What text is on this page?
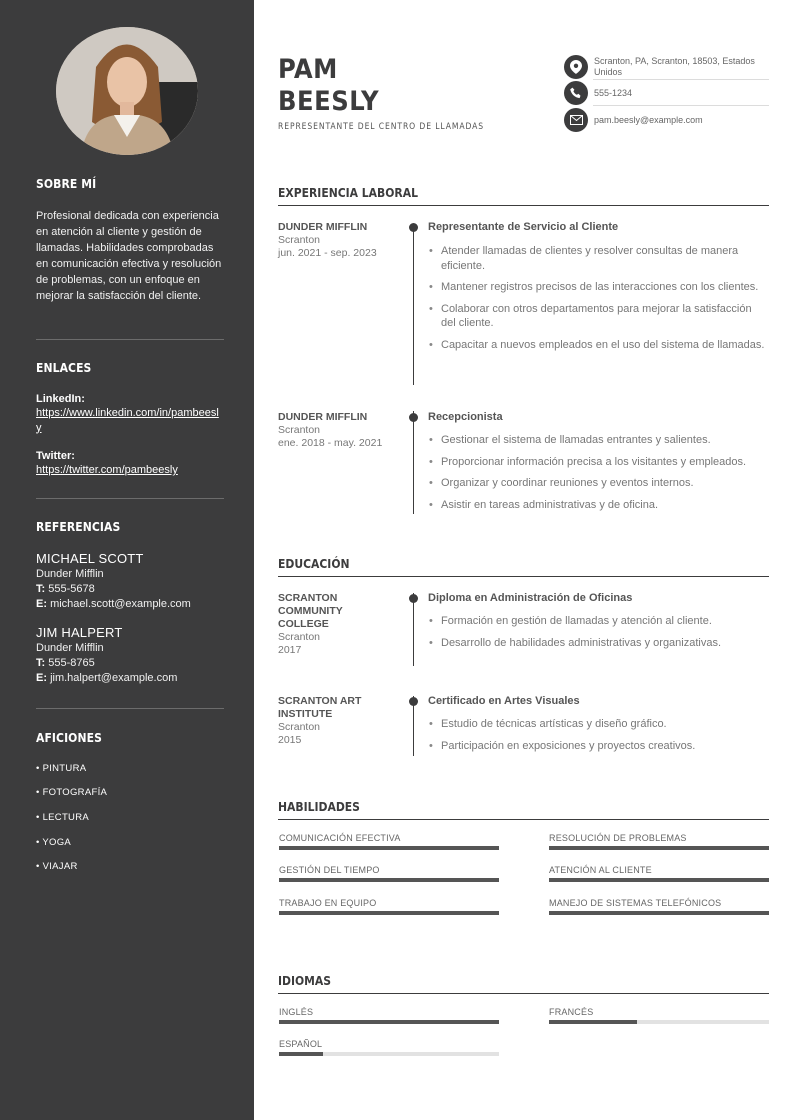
SOBRE MÍ
Profesional dedicada con experiencia en atención al cliente y gestión de llamadas. Habilidades comprobadas en comunicación efectiva y resolución de problemas, con un enfoque en mejorar la satisfacción del cliente.
ENLACES
LinkedIn:
https://www.linkedin.com/in/pambeesly
Twitter:
https://twitter.com/pambeesly
REFERENCIAS
MICHAEL SCOTT
Dunder Mifflin
T: 555-5678
E: michael.scott@example.com
JIM HALPERT
Dunder Mifflin
T: 555-8765
E: jim.halpert@example.com
AFICIONES
• PINTURA
• FOTOGRAFÍA
• LECTURA
• YOGA
• VIAJAR
PAM
BEESLY
REPRESENTANTE DEL CENTRO DE LLAMADAS
Scranton, PA, Scranton, 18503, Estados Unidos
555-1234
pam.beesly@example.com
EXPERIENCIA LABORAL
DUNDER MIFFLIN
Scranton
jun. 2021 - sep. 2023
Representante de Servicio al Cliente
• Atender llamadas de clientes y resolver consultas de manera eficiente.
• Mantener registros precisos de las interacciones con los clientes.
• Colaborar con otros departamentos para mejorar la satisfacción del cliente.
• Capacitar a nuevos empleados en el uso del sistema de llamadas.
DUNDER MIFFLIN
Scranton
ene. 2018 - may. 2021
Recepcionista
• Gestionar el sistema de llamadas entrantes y salientes.
• Proporcionar información precisa a los visitantes y empleados.
• Organizar y coordinar reuniones y eventos internos.
• Asistir en tareas administrativas y de oficina.
EDUCACIÓN
SCRANTON COMMUNITY COLLEGE
Scranton
2017
Diploma en Administración de Oficinas
• Formación en gestión de llamadas y atención al cliente.
• Desarrollo de habilidades administrativas y organizativas.
SCRANTON ART INSTITUTE
Scranton
2015
Certificado en Artes Visuales
• Estudio de técnicas artísticas y diseño gráfico.
• Participación en exposiciones y proyectos creativos.
HABILIDADES
COMUNICACIÓN EFECTIVA	RESOLUCIÓN DE PROBLEMAS
GESTIÓN DEL TIEMPO	ATENCIÓN AL CLIENTE
TRABAJO EN EQUIPO	MANEJO DE SISTEMAS TELEFÓNICOS
IDIOMAS
INGLÉS	FRANCÉS
ESPAÑOL
